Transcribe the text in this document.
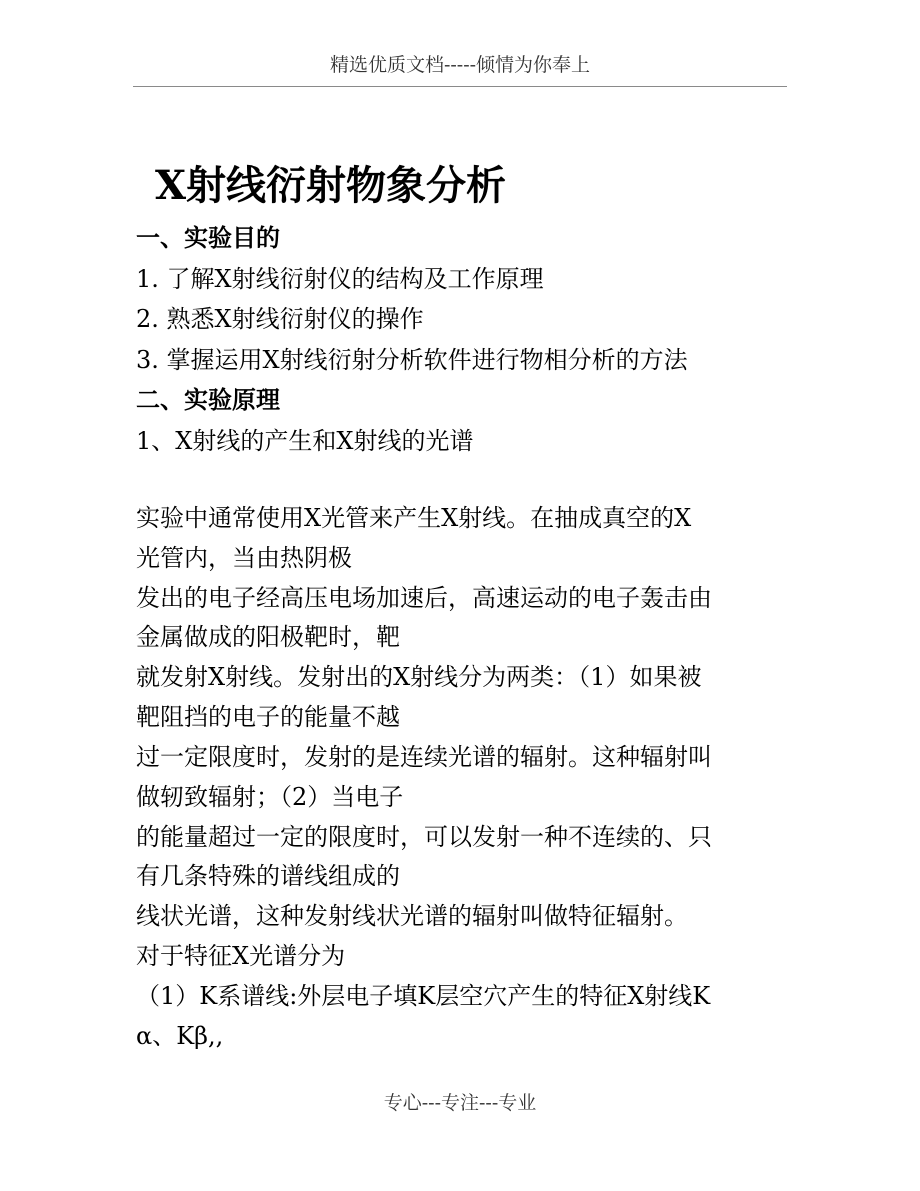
精选优质文档-----倾情为你奉上
X射线衍射物象分析
一、实验目的
1. 了解X射线衍射仪的结构及工作原理
2. 熟悉X射线衍射仪的操作
3. 掌握运用X射线衍射分析软件进行物相分析的方法
二、实验原理
1、X射线的产生和X射线的光谱
实验中通常使用X光管来产生X射线。在抽成真空的X
光管内，当由热阴极
发出的电子经高压电场加速后，高速运动的电子轰击由
金属做成的阳极靶时，靶
就发射X射线。发射出的X射线分为两类：（1）如果被
靶阻挡的电子的能量不越
过一定限度时，发射的是连续光谱的辐射。这种辐射叫
做轫致辐射；（2）当电子
的能量超过一定的限度时，可以发射一种不连续的、只
有几条特殊的谱线组成的
线状光谱，这种发射线状光谱的辐射叫做特征辐射。
对于特征X光谱分为
（1）K系谱线:外层电子填K层空穴产生的特征X射线K
α、Kβ,,
专心---专注---专业
